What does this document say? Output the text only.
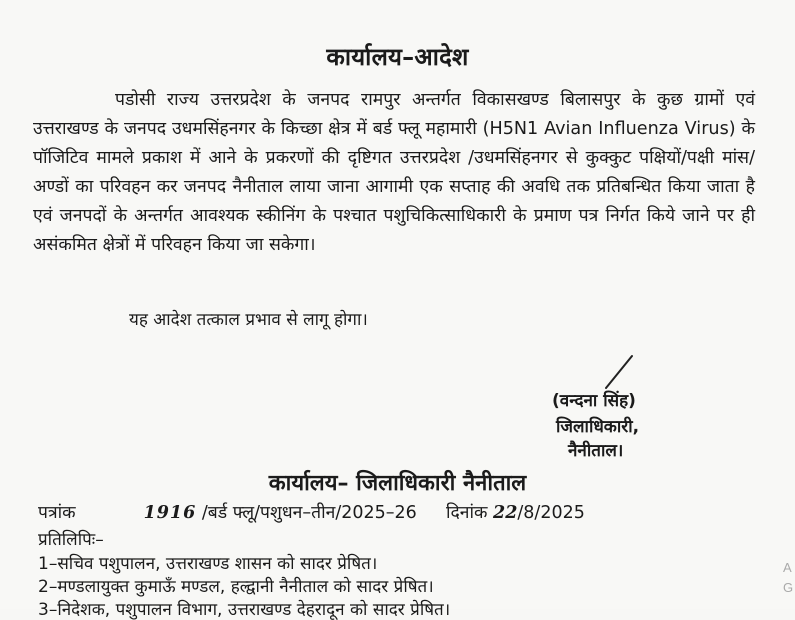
कार्यालय–आदेश
पडोसी राज्य उत्तरप्रदेश के जनपद रामपुर अन्तर्गत विकासखण्ड बिलासपुर के कुछ ग्रामों एवं उत्तराखण्ड के जनपद उधमसिंहनगर के किच्छा क्षेत्र में बर्ड फ्लू महामारी (H5N1 Avian Influenza Virus) के पॉजिटिव मामले प्रकाश में आने के प्रकरणों की दृष्टिगत उत्तरप्रदेश /उधमसिंहनगर से कुक्कुट पक्षियों/पक्षी मांस/अण्डों का परिवहन कर जनपद नैनीताल लाया जाना आगामी एक सप्ताह की अवधि तक प्रतिबन्धित किया जाता है एवं जनपदों के अन्तर्गत आवश्यक स्कीनिंग के पश्चात पशुचिकित्साधिकारी के प्रमाण पत्र निर्गत किये जाने पर ही असंकमित क्षेत्रों में परिवहन किया जा सकेगा।
यह आदेश तत्काल प्रभाव से लागू होगा।
(वन्दना सिंह)
जिलाधिकारी,
नैनीताल।
कार्यालय– जिलाधिकारी नैनीताल
पत्रांक	1916 /बर्ड फ्लू/पशुधन–तीन/2025–26 दिनांक 22/8/2025
प्रतिलिपिः–
1–सचिव पशुपालन, उत्तराखण्ड शासन को सादर प्रेषित।
2–मण्डलायुक्त कुमाऊँ मण्डल, हल्द्वानी नैनीताल को सादर प्रेषित।
3–निदेशक, पशुपालन विभाग, उत्तराखण्ड देहरादून को सादर प्रेषित।
A
G
